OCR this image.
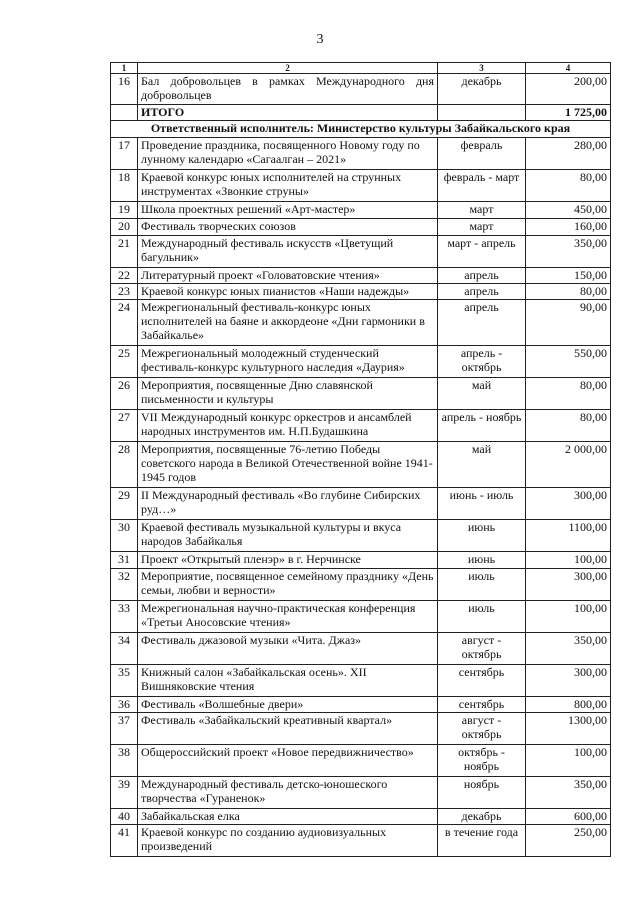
3
1	2	3	4
16	Бал добровольцев в рамках Международного дня добровольцев	декабрь	200,00
	ИТОГО		1 725,00
Ответственный исполнитель: Министерство культуры Забайкальского края			
17	Проведение праздника, посвященного Новому году по лунному календарю «Сагаалган – 2021»	февраль	280,00
18	Краевой конкурс юных исполнителей на струнных инструментах «Звонкие струны»	февраль - март	80,00
19	Школа проектных решений «Арт-мастер»	март	450,00
20	Фестиваль творческих союзов	март	160,00
21	Международный фестиваль искусств «Цветущий багульник»	март - апрель	350,00
22	Литературный проект «Головатовские чтения»	апрель	150,00
23	Краевой конкурс юных пианистов «Наши надежды»	апрель	80,00
24	Межрегиональный фестиваль-конкурс юных исполнителей на баяне и аккордеоне «Дни гармоники в Забайкалье»	апрель	90,00
25	Межрегиональный молодежный студенческий фестиваль-конкурс культурного наследия «Даурия»	апрель - октябрь	550,00
26	Мероприятия, посвященные Дню славянской письменности и культуры	май	80,00
27	VII Международный конкурс оркестров и ансамблей народных инструментов им. Н.П.Будашкина	апрель - ноябрь	80,00
28	Мероприятия, посвященные 76-летию Победы советского народа в Великой Отечественной войне 1941-1945 годов	май	2 000,00
29	II Международный фестиваль «Во глубине Сибирских руд…»	июнь - июль	300,00
30	Краевой фестиваль музыкальной культуры и вкуса народов Забайкалья	июнь	1100,00
31	Проект «Открытый пленэр» в г. Нерчинске	июнь	100,00
32	Мероприятие, посвященное семейному празднику «День семьи, любви и верности»	июль	300,00
33	Межрегиональная научно-практическая конференция «Третьи Аносовские чтения»	июль	100,00
34	Фестиваль джазовой музыки «Чита. Джаз»	август - октябрь	350,00
35	Книжный салон «Забайкальская осень». XII Вишняковские чтения	сентябрь	300,00
36	Фестиваль «Волшебные двери»	сентябрь	800,00
37	Фестиваль «Забайкальский креативный квартал»	август - октябрь	1300,00
38	Общероссийский проект «Новое передвижничество»	октябрь - ноябрь	100,00
39	Международный фестиваль детско-юношеского творчества «Гураненок»	ноябрь	350,00
40	Забайкальская елка	декабрь	600,00
41	Краевой конкурс по созданию аудиовизуальных произведений	в течение года	250,00
